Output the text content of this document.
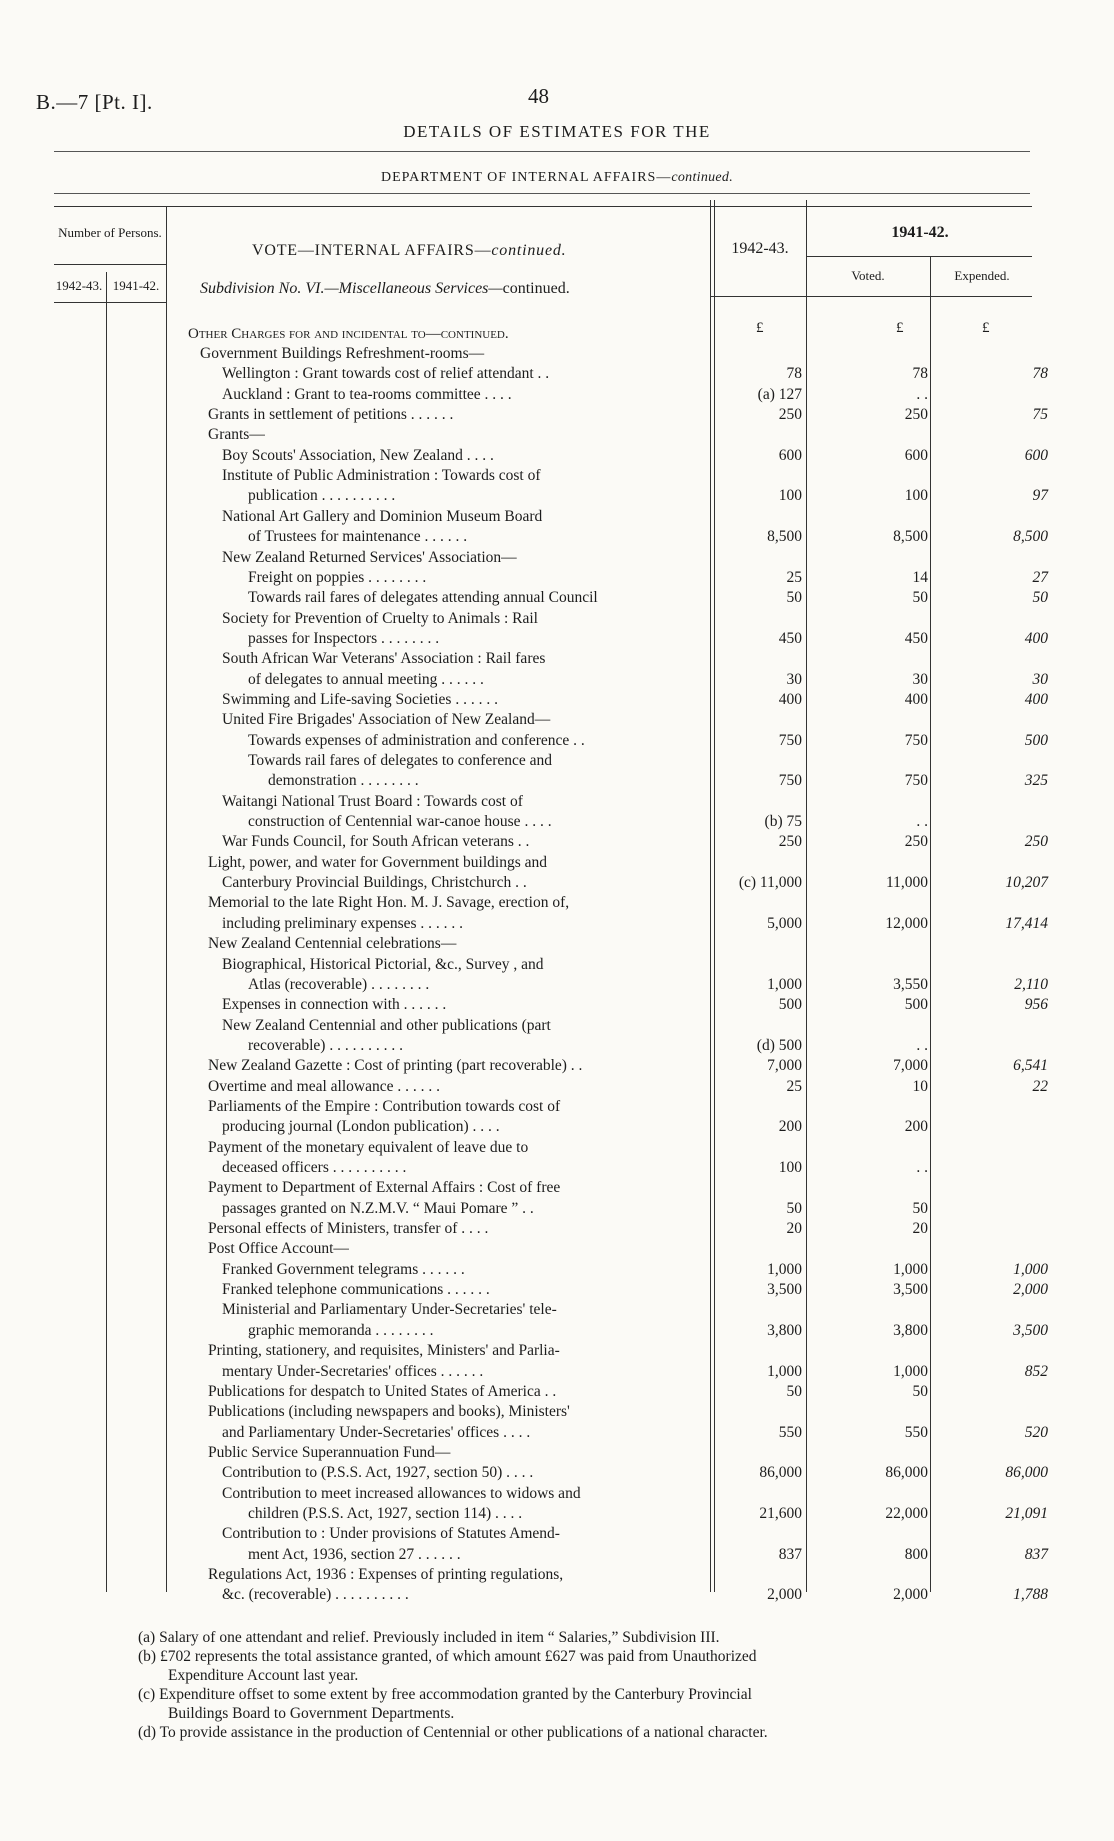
B.—7 [Pt. I].	48
DETAILS OF ESTIMATES FOR THE
DEPARTMENT OF INTERNAL AFFAIRS—continued.
Number of Persons.
1942-43. 1941-42.
VOTE—INTERNAL AFFAIRS—continued.
Subdivision No. VI.—Miscellaneous Services—continued.
1942-43.
1941-42.
Voted.	Expended.
£	£	£
Other Charges for and incidental to—continued.
Government Buildings Refreshment-rooms—
Wellington : Grant towards cost of relief attendant . .	78	78	78
Auckland : Grant to tea-rooms committee . . . .	(a) 127	. .
Grants in settlement of petitions . . . . . .	250	250	75
Grants—
Boy Scouts' Association, New Zealand . . . .	600	600	600
Institute of Public Administration : Towards cost of
publication . . . . . . . . . .	100	100	97
National Art Gallery and Dominion Museum Board
of Trustees for maintenance . . . . . .	8,500	8,500	8,500
New Zealand Returned Services' Association—
Freight on poppies . . . . . . . .	25	14	27
Towards rail fares of delegates attending annual Council	50	50	50
Society for Prevention of Cruelty to Animals : Rail
passes for Inspectors . . . . . . . .	450	450	400
South African War Veterans' Association : Rail fares
of delegates to annual meeting . . . . . .	30	30	30
Swimming and Life-saving Societies . . . . . .	400	400	400
United Fire Brigades' Association of New Zealand—
Towards expenses of administration and conference . .	750	750	500
Towards rail fares of delegates to conference and
demonstration . . . . . . . .	750	750	325
Waitangi National Trust Board : Towards cost of
construction of Centennial war-canoe house . . . .	(b) 75	. .
War Funds Council, for South African veterans . .	250	250	250
Light, power, and water for Government buildings and
Canterbury Provincial Buildings, Christchurch . .	(c) 11,000	11,000	10,207
Memorial to the late Right Hon. M. J. Savage, erection of,
including preliminary expenses . . . . . .	5,000	12,000	17,414
New Zealand Centennial celebrations—
Biographical, Historical Pictorial, &c., Survey , and
Atlas (recoverable) . . . . . . . .	1,000	3,550	2,110
Expenses in connection with . . . . . .	500	500	956
New Zealand Centennial and other publications (part
recoverable) . . . . . . . . . .	(d) 500	. .
New Zealand Gazette : Cost of printing (part recoverable) . .	7,000	7,000	6,541
Overtime and meal allowance . . . . . .	25	10	22
Parliaments of the Empire : Contribution towards cost of
producing journal (London publication) . . . .	200	200
Payment of the monetary equivalent of leave due to
deceased officers . . . . . . . . . .	100	. .
Payment to Department of External Affairs : Cost of free
passages granted on N.Z.M.V. “ Maui Pomare ” . .	50	50
Personal effects of Ministers, transfer of . . . .	20	20
Post Office Account—
Franked Government telegrams . . . . . .	1,000	1,000	1,000
Franked telephone communications . . . . . .	3,500	3,500	2,000
Ministerial and Parliamentary Under-Secretaries' tele-
graphic memoranda . . . . . . . .	3,800	3,800	3,500
Printing, stationery, and requisites, Ministers' and Parlia-
mentary Under-Secretaries' offices . . . . . .	1,000	1,000	852
Publications for despatch to United States of America . .	50	50
Publications (including newspapers and books), Ministers'
and Parliamentary Under-Secretaries' offices . . . .	550	550	520
Public Service Superannuation Fund—
Contribution to (P.S.S. Act, 1927, section 50) . . . .	86,000	86,000	86,000
Contribution to meet increased allowances to widows and
children (P.S.S. Act, 1927, section 114) . . . .	21,600	22,000	21,091
Contribution to : Under provisions of Statutes Amend-
ment Act, 1936, section 27 . . . . . .	837	800	837
Regulations Act, 1936 : Expenses of printing regulations,
&c. (recoverable) . . . . . . . . . .	2,000	2,000	1,788
(a) Salary of one attendant and relief. Previously included in item “ Salaries,” Subdivision III.
(b) £702 represents the total assistance granted, of which amount £627 was paid from Unauthorized
Expenditure Account last year.
(c) Expenditure offset to some extent by free accommodation granted by the Canterbury Provincial
Buildings Board to Government Departments.
(d) To provide assistance in the production of Centennial or other publications of a national character.
